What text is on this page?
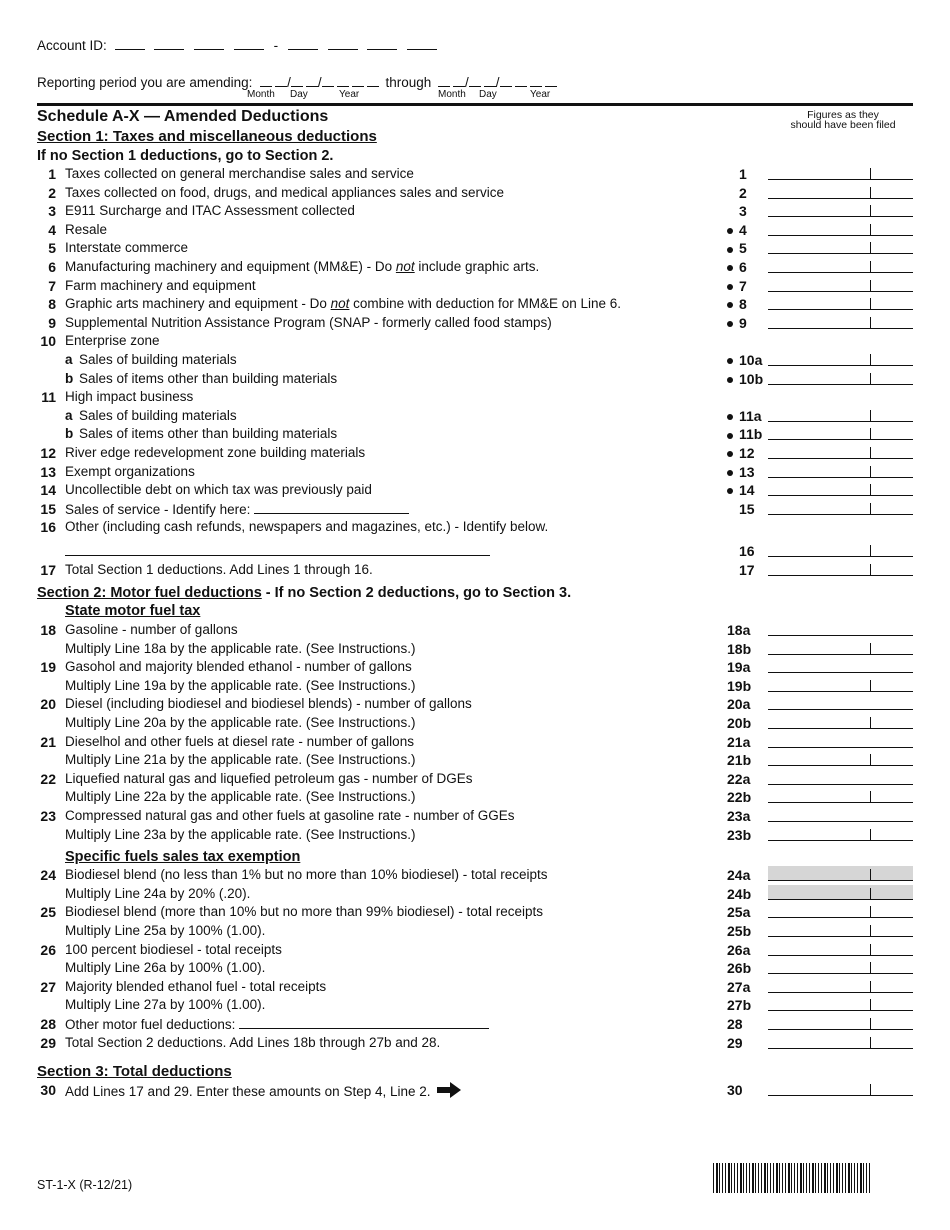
Account ID:	-
Reporting period you are amending:	/ /	through	/ /
Month Day	Year	Month Day	Year
Schedule A-X — Amended Deductions	Figures as they
should have been filed
Section 1: Taxes and miscellaneous deductions
If no Section 1 deductions, go to Section 2.
1 Taxes collected on general merchandise sales and service	1
2 Taxes collected on food, drugs, and medical appliances sales and service	2
3 E911 Surcharge and ITAC Assessment collected	3
4 Resale	4
5 Interstate commerce	5
6 Manufacturing machinery and equipment (MM&E) - Do not include graphic arts.	6
7 Farm machinery and equipment	7
8 Graphic arts machinery and equipment - Do not combine with deduction for MM&E on Line 6.	8
9 Supplemental Nutrition Assistance Program (SNAP - formerly called food stamps)	9
10 Enterprise zone
a Sales of building materials	10a
b Sales of items other than building materials	10b
11 High impact business
a Sales of building materials	11a
b Sales of items other than building materials	11b
12 River edge redevelopment zone building materials	12
13 Exempt organizations	13
14 Uncollectible debt on which tax was previously paid	14
15 Sales of service - Identify here:	15
16 Other (including cash refunds, newspapers and magazines, etc.) - Identify below.
16
17 Total Section 1 deductions. Add Lines 1 through 16.	17
Section 2: Motor fuel deductions - If no Section 2 deductions, go to Section 3.
State motor fuel tax
18 Gasoline - number of gallons	18a
Multiply Line 18a by the applicable rate. (See Instructions.)	18b
19 Gasohol and majority blended ethanol - number of gallons	19a
Multiply Line 19a by the applicable rate. (See Instructions.)	19b
20 Diesel (including biodiesel and biodiesel blends) - number of gallons	20a
Multiply Line 20a by the applicable rate. (See Instructions.)	20b
21 Dieselhol and other fuels at diesel rate - number of gallons	21a
Multiply Line 21a by the applicable rate. (See Instructions.)	21b
22 Liquefied natural gas and liquefied petroleum gas - number of DGEs	22a
Multiply Line 22a by the applicable rate. (See Instructions.)	22b
23 Compressed natural gas and other fuels at gasoline rate - number of GGEs	23a
Multiply Line 23a by the applicable rate. (See Instructions.)	23b
24 Biodiesel blend (no less than 1% but no more than 10% biodiesel) - total receipts	24a
Multiply Line 24a by 20% (.20).	24b
25 Biodiesel blend (more than 10% but no more than 99% biodiesel) - total receipts	25a
Multiply Line 25a by 100% (1.00).	25b
26 100 percent biodiesel - total receipts	26a
Multiply Line 26a by 100% (1.00).	26b
27 Majority blended ethanol fuel - total receipts	27a
Multiply Line 27a by 100% (1.00).	27b
28 Other motor fuel deductions:	28
29 Total Section 2 deductions. Add Lines 18b through 27b and 28.	29
Specific fuels sales tax exemption
Section 3: Total deductions
30 Add Lines 17 and 29. Enter these amounts on Step 4, Line 2.	30
ST-1-X (R-12/21)
